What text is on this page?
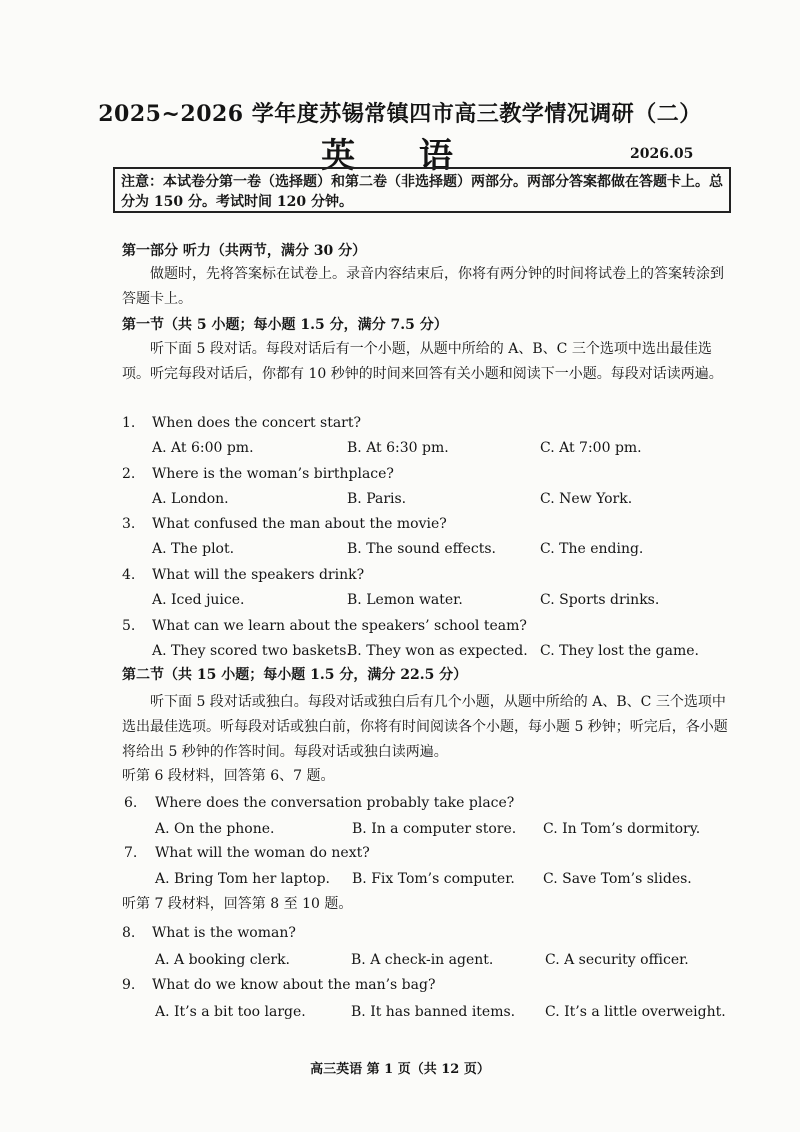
2025~2026 学年度苏锡常镇四市高三教学情况调研（二）
英 语	2026.05
注意：本试卷分第一卷（选择题）和第二卷（非选择题）两部分。两部分答案都做在答题卡上。总分为 150 分。考试时间 120 分钟。
第一部分 听力（共两节，满分 30 分）
做题时，先将答案标在试卷上。录音内容结束后，你将有两分钟的时间将试卷上的答案转涂到答题卡上。
第一节（共 5 小题；每小题 1.5 分，满分 7.5 分）
听下面 5 段对话。每段对话后有一个小题，从题中所给的 A、B、C 三个选项中选出最佳选项。听完每段对话后，你都有 10 秒钟的时间来回答有关小题和阅读下一小题。每段对话读两遍。
1. When does the concert start?
A. At 6:00 pm.	B. At 6:30 pm.	C. At 7:00 pm.
2. Where is the woman’s birthplace?
A. London.	B. Paris.	C. New York.
3. What confused the man about the movie?
A. The plot.	B. The sound effects.	C. The ending.
4. What will the speakers drink?
A. Iced juice.	B. Lemon water.	C. Sports drinks.
5. What can we learn about the speakers’ school team?
A. They scored two baskets.
B. They won as expected. C. They lost the game.
第二节（共 15 小题；每小题 1.5 分，满分 22.5 分）
听下面 5 段对话或独白。每段对话或独白后有几个小题，从题中所给的 A、B、C 三个选项中选出最佳选项。听每段对话或独白前，你将有时间阅读各个小题，每小题 5 秒钟；听完后，各小题将给出 5 秒钟的作答时间。每段对话或独白读两遍。
听第 6 段材料，回答第 6、7 题。
6. Where does the conversation probably take place?
A. On the phone.	B. In a computer store. C. In Tom’s dormitory.
7. What will the woman do next?
A. Bring Tom her laptop. B. Fix Tom’s computer. C. Save Tom’s slides.
听第 7 段材料，回答第 8 至 10 题。
8. What is the woman?
A. A booking clerk.	B. A check-in agent.	C. A security officer.
9. What do we know about the man’s bag?
A. It’s a bit too large.	B. It has banned items. C. It’s a little overweight.
高三英语 第 1 页（共 12 页）
